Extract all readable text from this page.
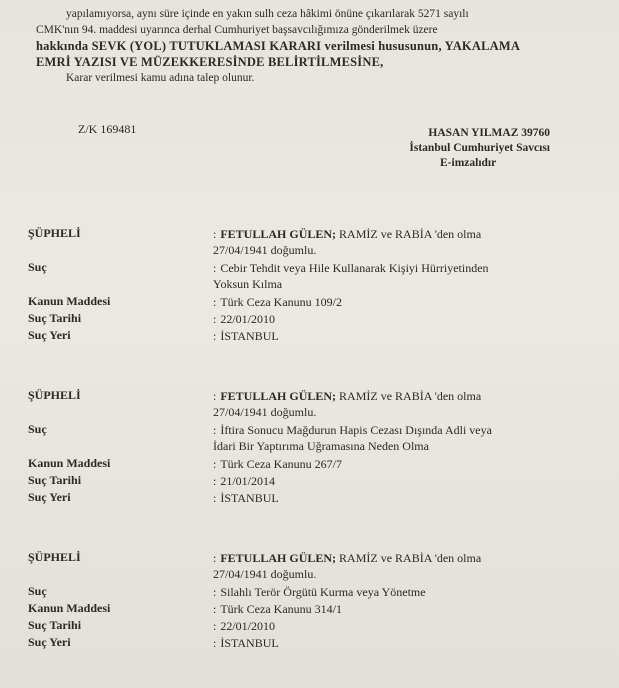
yapılamıyorsa, aynı süre içinde en yakın sulh ceza hâkimi önüne çıkarılarak 5271 sayılı

CMK'nın 94. maddesi uyarınca derhal Cumhuriyet başsavcılığımıza gönderilmek üzere

hakkında SEVK (YOL) TUTUKLAMASI KARARI verilmesi hususunun, YAKALAMA

EMRİ YAZISI VE MÜZEKKERESİNDE BELİRTİLMESİNE,

Karar verilmesi kamu adına talep olunur.

Z/K 169481	HASAN YILMAZ 39760
İstanbul Cumhuriyet Savcısı
E-imzalıdır
ŞÜPHELİ	: FETULLAH GÜLEN; RAMİZ ve RABİA 'den olma
27/04/1941 doğumlu.
Suç	: Cebir Tehdit veya Hile Kullanarak Kişiyi Hürriyetinden
Yoksun Kılma
Kanun Maddesi	: Türk Ceza Kanunu 109/2
Suç Tarihi	: 22/01/2010
Suç Yeri	: İSTANBUL
ŞÜPHELİ	: FETULLAH GÜLEN; RAMİZ ve RABİA 'den olma
27/04/1941 doğumlu.
Suç	: İftira Sonucu Mağdurun Hapis Cezası Dışında Adli veya
İdari Bir Yaptırıma Uğramasına Neden Olma
Kanun Maddesi	: Türk Ceza Kanunu 267/7
Suç Tarihi	: 21/01/2014
Suç Yeri	: İSTANBUL
ŞÜPHELİ	: FETULLAH GÜLEN; RAMİZ ve RABİA 'den olma
27/04/1941 doğumlu.
Suç	: Silahlı Terör Örgütü Kurma veya Yönetme
Kanun Maddesi	: Türk Ceza Kanunu 314/1
Suç Tarihi	: 22/01/2010
Suç Yeri	: İSTANBUL
